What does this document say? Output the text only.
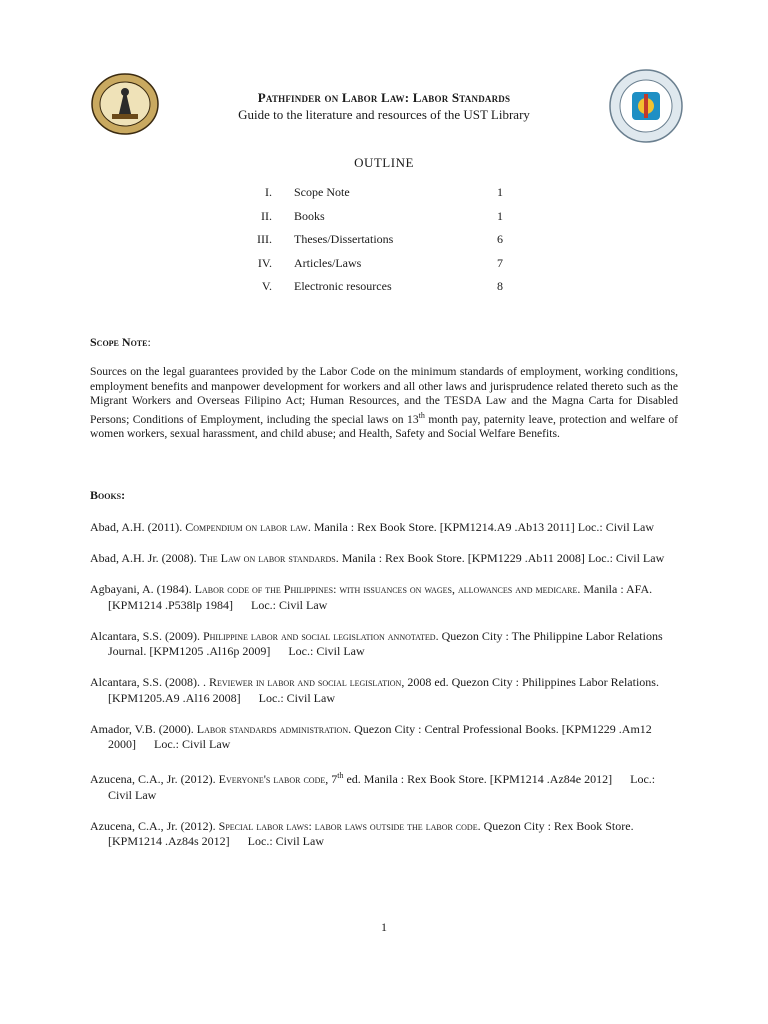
Pathfinder on Labor Law: Labor Standards
Guide to the literature and resources of the UST Library
OUTLINE
I. Scope Note	1
II. Books	1
III. Theses/Dissertations	6
IV. Articles/Laws	7
V. Electronic resources	8
Scope Note:
Sources on the legal guarantees provided by the Labor Code on the minimum standards of employment, working conditions, employment benefits and manpower development for workers and all other laws and jurisprudence related thereto such as the Migrant Workers and Overseas Filipino Act; Human Resources, and the TESDA Law and the Magna Carta for Disabled Persons; Conditions of Employment, including the special laws on 13th month pay, paternity leave, protection and welfare of women workers, sexual harassment, and child abuse; and Health, Safety and Social Welfare Benefits.
Books:
Abad, A.H. (2011). Compendium on labor law. Manila : Rex Book Store. [KPM1214.A9 .Ab13 2011] Loc.: Civil Law
Abad, A.H. Jr. (2008). The Law on labor standards. Manila : Rex Book Store. [KPM1229 .Ab11 2008] Loc.: Civil Law
Agbayani, A. (1984). Labor code of the Philippines: with issuances on wages, allowances and medicare. Manila : AFA. [KPM1214 .P538lp 1984] Loc.: Civil Law
Alcantara, S.S. (2009). Philippine labor and social legislation annotated. Quezon City : The Philippine Labor Relations Journal. [KPM1205 .Al16p 2009] Loc.: Civil Law
Alcantara, S.S. (2008). . Reviewer in labor and social legislation, 2008 ed. Quezon City : Philippines Labor Relations. [KPM1205.A9 .Al16 2008] Loc.: Civil Law
Amador, V.B. (2000). Labor standards administration. Quezon City : Central Professional Books. [KPM1229 .Am12 2000] Loc.: Civil Law
Azucena, C.A., Jr. (2012). Everyone's labor code, 7th ed. Manila : Rex Book Store. [KPM1214 .Az84e 2012] Loc.: Civil Law
Azucena, C.A., Jr. (2012). Special labor laws: labor laws outside the labor code. Quezon City : Rex Book Store. [KPM1214 .Az84s 2012] Loc.: Civil Law
1
